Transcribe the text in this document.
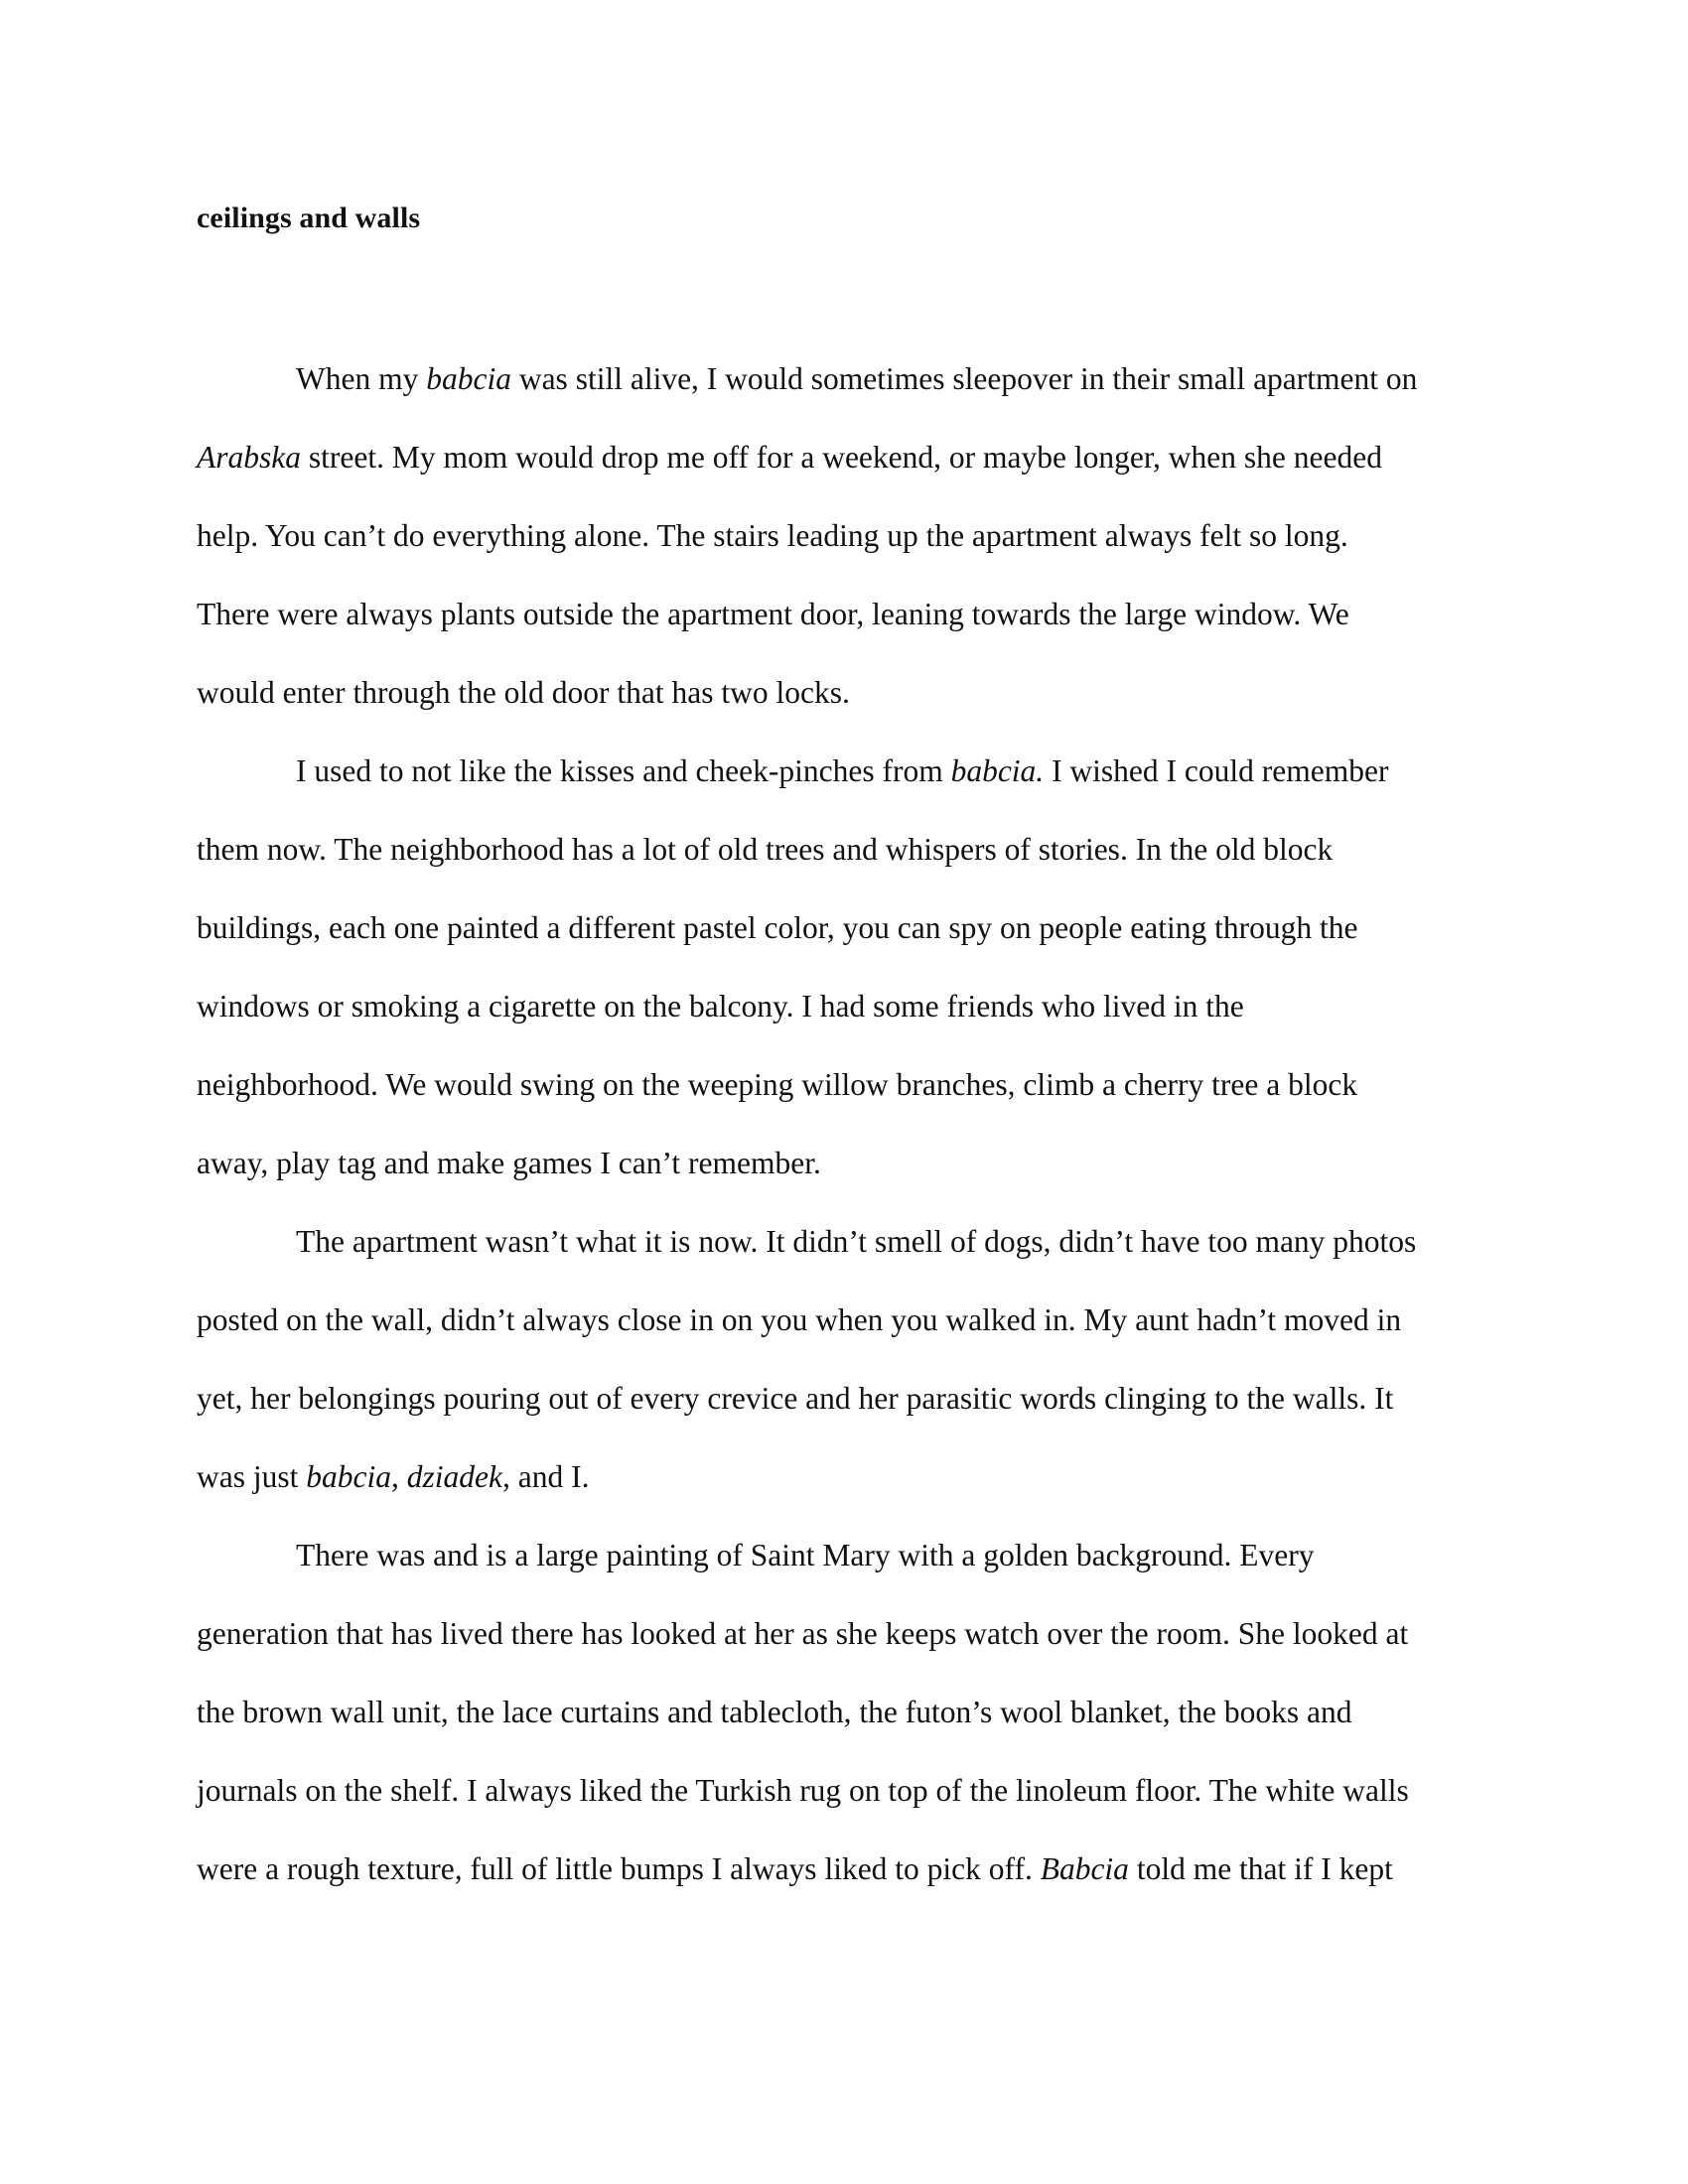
ceilings and walls
When my babcia was still alive, I would sometimes sleepover in their small apartment on
Arabska street. My mom would drop me off for a weekend, or maybe longer, when she needed
help. You can’t do everything alone. The stairs leading up the apartment always felt so long.
There were always plants outside the apartment door, leaning towards the large window. We
would enter through the old door that has two locks.
I used to not like the kisses and cheek-pinches from babcia. I wished I could remember
them now. The neighborhood has a lot of old trees and whispers of stories. In the old block
buildings, each one painted a different pastel color, you can spy on people eating through the
windows or smoking a cigarette on the balcony. I had some friends who lived in the
neighborhood. We would swing on the weeping willow branches, climb a cherry tree a block
away, play tag and make games I can’t remember.
The apartment wasn’t what it is now. It didn’t smell of dogs, didn’t have too many photos
posted on the wall, didn’t always close in on you when you walked in. My aunt hadn’t moved in
yet, her belongings pouring out of every crevice and her parasitic words clinging to the walls. It
was just babcia, dziadek, and I.
There was and is a large painting of Saint Mary with a golden background. Every
generation that has lived there has looked at her as she keeps watch over the room. She looked at
the brown wall unit, the lace curtains and tablecloth, the futon’s wool blanket, the books and
journals on the shelf. I always liked the Turkish rug on top of the linoleum floor. The white walls
were a rough texture, full of little bumps I always liked to pick off. Babcia told me that if I kept
